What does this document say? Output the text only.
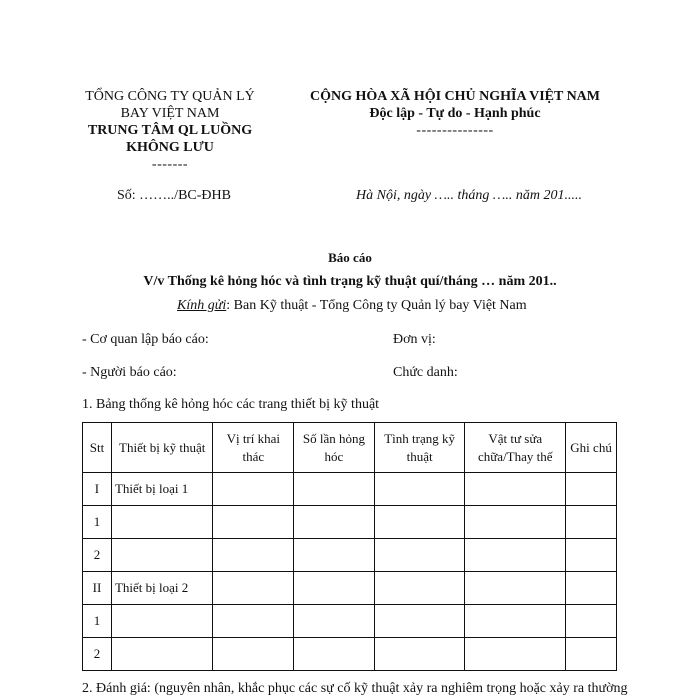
TỔNG CÔNG TY QUẢN LÝ
BAY VIỆT NAM
TRUNG TÂM QL LUỒNG
KHÔNG LƯU
-------
CỘNG HÒA XÃ HỘI CHỦ NGHĨA VIỆT NAM
Độc lập - Tự do - Hạnh phúc
---------------
Số: ……../BC-ĐHB	Hà Nội, ngày ….. tháng ….. năm 201.....
Báo cáo
V/v Thống kê hỏng hóc và tình trạng kỹ thuật quí/tháng … năm 201..
Kính gửi: Ban Kỹ thuật - Tổng Công ty Quản lý bay Việt Nam
- Cơ quan lập báo cáo:	Đơn vị:
- Người báo cáo:	Chức danh:
1. Bảng thống kê hỏng hóc các trang thiết bị kỹ thuật
Stt	Thiết bị kỹ thuật	Vị trí khai thác	Số lần hỏng hóc	Tình trạng kỹ thuật	Vật tư sửa chữa/Thay thế	Ghi chú
I	Thiết bị loại 1					
1						
2						
II	Thiết bị loại 2					
1						
2						
2. Đánh giá: (nguyên nhân, khắc phục các sự cố kỹ thuật xảy ra nghiêm trọng hoặc xảy ra thường
